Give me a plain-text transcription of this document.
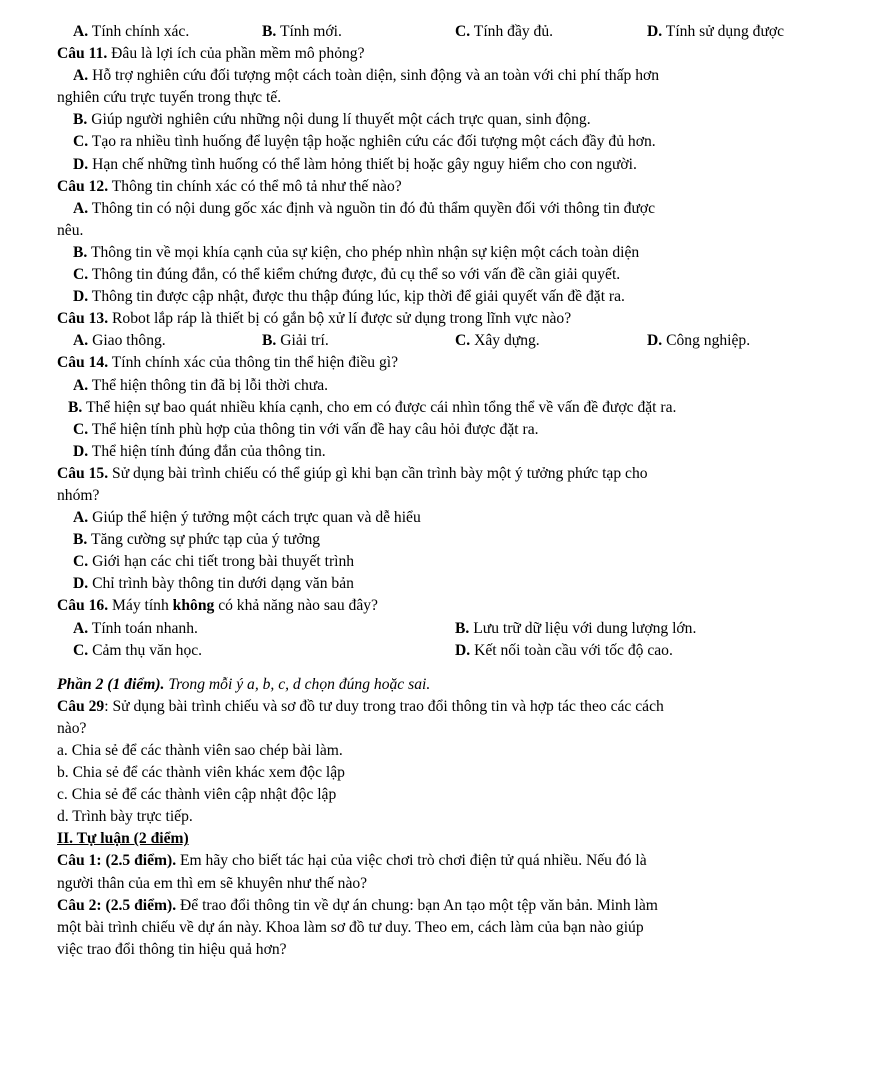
A. Tính chính xác.	B. Tính mới.	C. Tính đầy đủ.	D. Tính sử dụng được
Câu 11. Đâu là lợi ích của phần mềm mô phỏng?
A. Hỗ trợ nghiên cứu đối tượng một cách toàn diện, sinh động và an toàn với chi phí thấp hơn
nghiên cứu trực tuyến trong thực tế.
B. Giúp người nghiên cứu những nội dung lí thuyết một cách trực quan, sinh động.
C. Tạo ra nhiều tình huống để luyện tập hoặc nghiên cứu các đối tượng một cách đầy đủ hơn.
D. Hạn chế những tình huống có thể làm hỏng thiết bị hoặc gây nguy hiểm cho con người.
Câu 12. Thông tin chính xác có thể mô tả như thế nào?
A. Thông tin có nội dung gốc xác định và nguồn tin đó đủ thẩm quyền đối với thông tin được
nêu.
B. Thông tin về mọi khía cạnh của sự kiện, cho phép nhìn nhận sự kiện một cách toàn diện
C. Thông tin đúng đắn, có thể kiểm chứng được, đủ cụ thể so với vấn đề cần giải quyết.
D. Thông tin được cập nhật, được thu thập đúng lúc, kịp thời để giải quyết vấn đề đặt ra.
Câu 13. Robot lắp ráp là thiết bị có gắn bộ xử lí được sử dụng trong lĩnh vực nào?
A. Giao thông.	B. Giải trí.	C. Xây dựng.	D. Công nghiệp.
Câu 14. Tính chính xác của thông tin thể hiện điều gì?
A. Thể hiện thông tin đã bị lỗi thời chưa.
B. Thể hiện sự bao quát nhiều khía cạnh, cho em có được cái nhìn tổng thể về vấn đề được đặt ra.
C. Thể hiện tính phù hợp của thông tin với vấn đề hay câu hỏi được đặt ra.
D. Thể hiện tính đúng đắn của thông tin.
Câu 15. Sử dụng bài trình chiếu có thể giúp gì khi bạn cần trình bày một ý tưởng phức tạp cho
nhóm?
A. Giúp thể hiện ý tưởng một cách trực quan và dễ hiểu
B. Tăng cường sự phức tạp của ý tưởng
C. Giới hạn các chi tiết trong bài thuyết trình
D. Chỉ trình bày thông tin dưới dạng văn bản
Câu 16. Máy tính không có khả năng nào sau đây?
A. Tính toán nhanh.	B. Lưu trữ dữ liệu với dung lượng lớn.
C. Cảm thụ văn học.	D. Kết nối toàn cầu với tốc độ cao.
Phần 2 (1 điểm). Trong mỗi ý a, b, c, d chọn đúng hoặc sai.
Câu 29: Sử dụng bài trình chiếu và sơ đồ tư duy trong trao đổi thông tin và hợp tác theo các cách
nào?
a. Chia sẻ để các thành viên sao chép bài làm.
b. Chia sẻ để các thành viên khác xem độc lập
c. Chia sẻ để các thành viên cập nhật độc lập
d. Trình bày trực tiếp.
II. Tự luận (2 điểm)
Câu 1: (2.5 điểm). Em hãy cho biết tác hại của việc chơi trò chơi điện tử quá nhiều. Nếu đó là
người thân của em thì em sẽ khuyên như thế nào?
Câu 2: (2.5 điểm). Để trao đổi thông tin về dự án chung: bạn An tạo một tệp văn bản. Minh làm
một bài trình chiếu về dự án này. Khoa làm sơ đồ tư duy. Theo em, cách làm của bạn nào giúp
việc trao đổi thông tin hiệu quả hơn?
